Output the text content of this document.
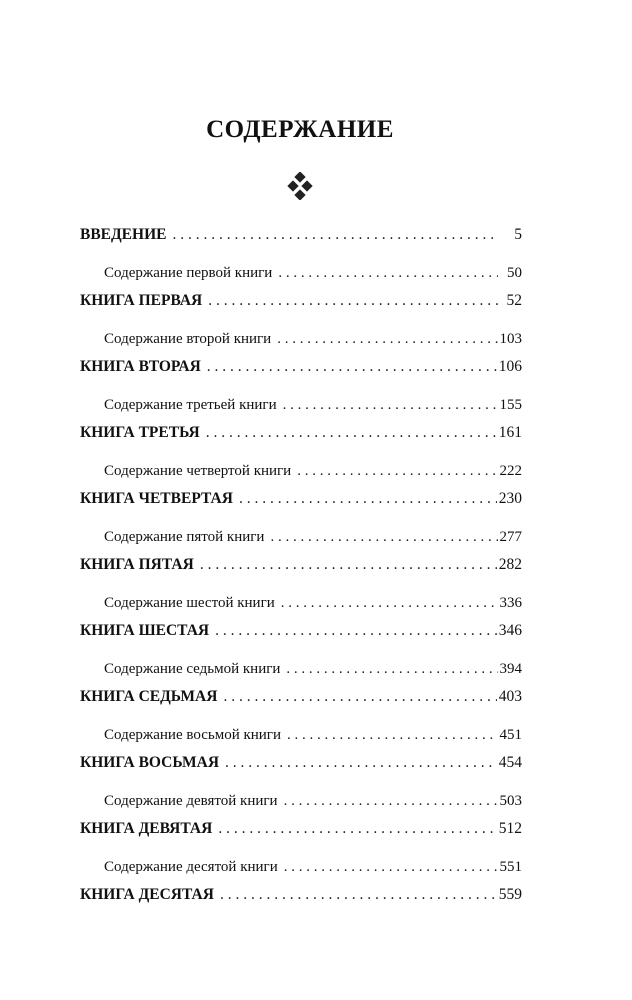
СОДЕРЖАНИЕ
ВВЕДЕНИЕ . . .	5
Содержание первой книги . . .	50
КНИГА ПЕРВАЯ . . .	52
Содержание второй книги . . .	103
КНИГА ВТОРАЯ . . .	106
Содержание третьей книги . . .	155
КНИГА ТРЕТЬЯ . . .	161
Содержание четвертой книги . . .	222
КНИГА ЧЕТВЕРТАЯ . . .	230
Содержание пятой книги . . .	277
КНИГА ПЯТАЯ . . .	282
Содержание шестой книги . . .	336
КНИГА ШЕСТАЯ . . .	346
Содержание седьмой книги . . .	394
КНИГА СЕДЬМАЯ . . .	403
Содержание восьмой книги . . .	451
КНИГА ВОСЬМАЯ . . .	454
Содержание девятой книги . . .	503
КНИГА ДЕВЯТАЯ . . .	512
Содержание десятой книги . . .	551
КНИГА ДЕСЯТАЯ . . .	559
